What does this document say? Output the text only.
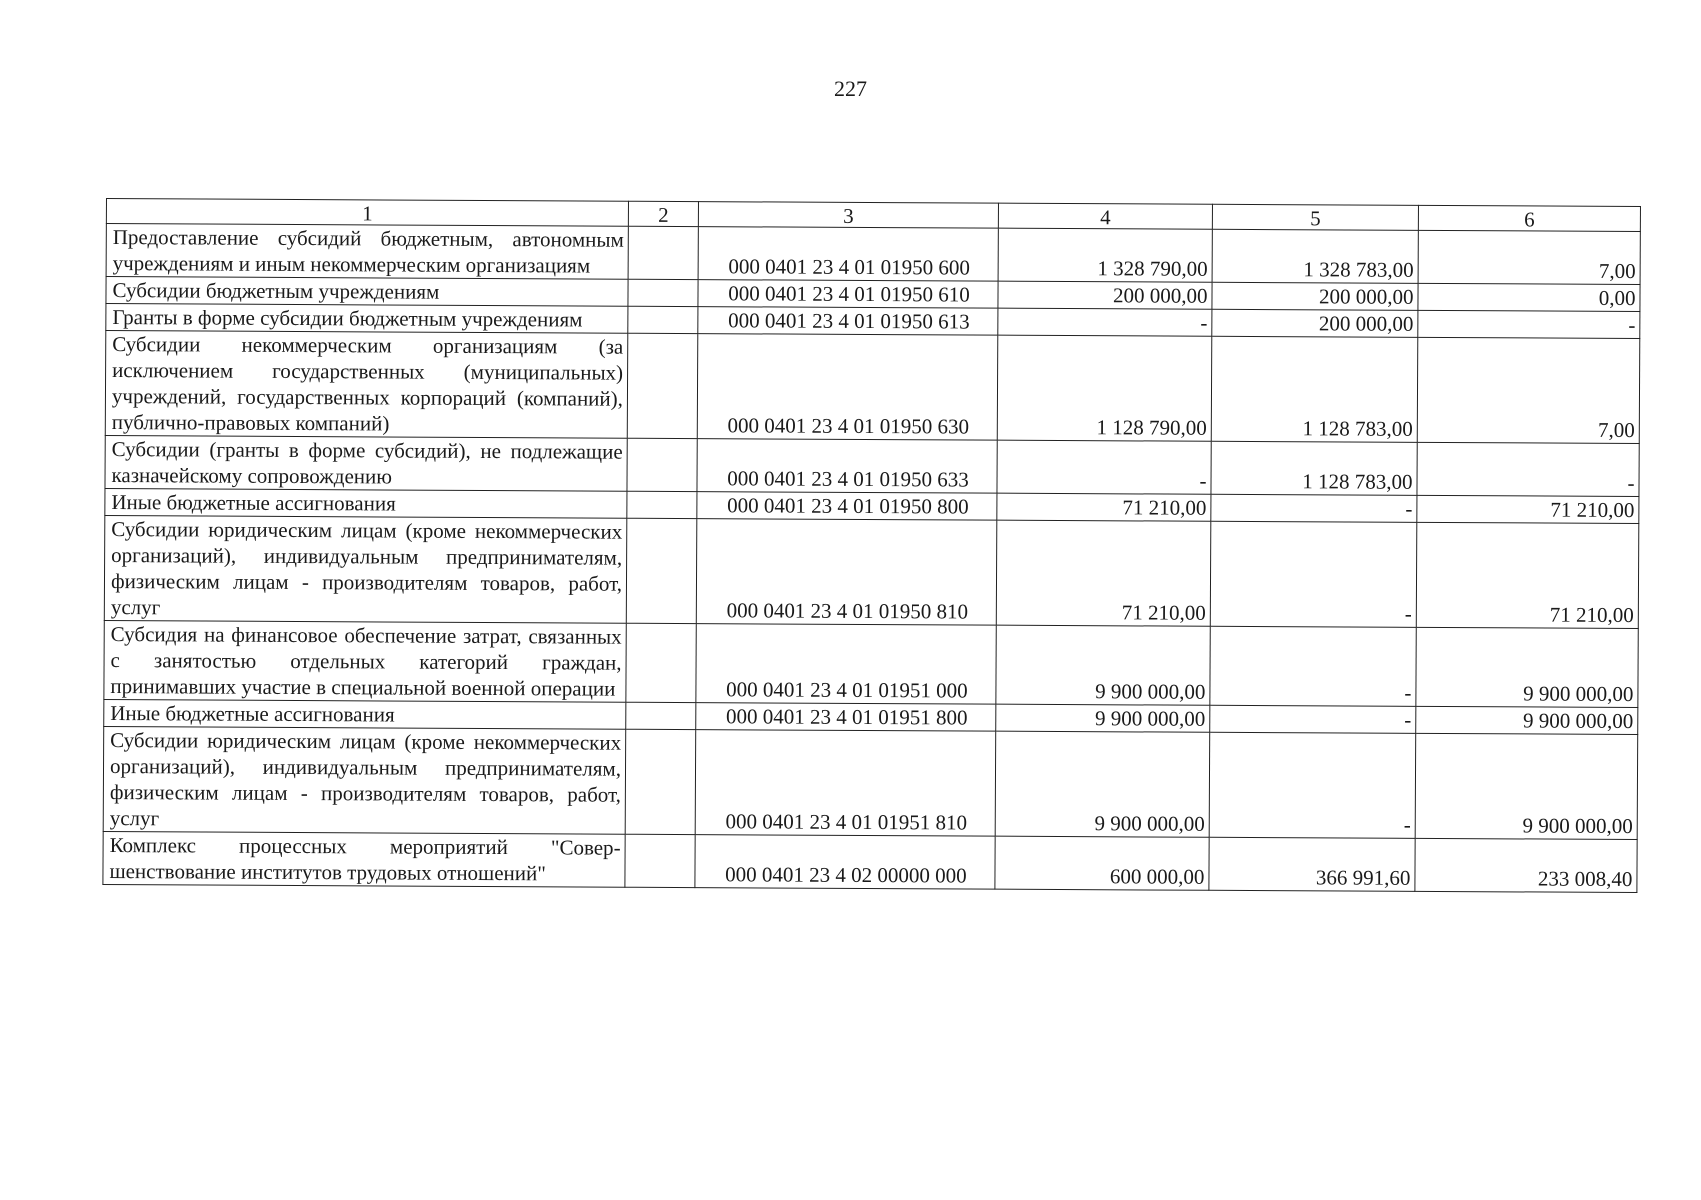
227
1	2	3	4	5	6
Предоставление субсидий бюджетным, автономным учреждениям и иным некоммерческим организациям		000 0401 23 4 01 01950 600	1 328 790,00	1 328 783,00	7,00
Субсидии бюджетным учреждениям		000 0401 23 4 01 01950 610	200 000,00	200 000,00	0,00
Гранты в форме субсидии бюджетным учреждениям		000 0401 23 4 01 01950 613	-	200 000,00	-
Субсидии некоммерческим организациям (за исключением государственных (муниципальных) учреждений, государственных корпораций (компаний), публично-правовых компаний)		000 0401 23 4 01 01950 630	1 128 790,00	1 128 783,00	7,00
Субсидии (гранты в форме субсидий), не подлежащие казначейскому сопровождению		000 0401 23 4 01 01950 633	-	1 128 783,00	-
Иные бюджетные ассигнования		000 0401 23 4 01 01950 800	71 210,00	-	71 210,00
Субсидии юридическим лицам (кроме некоммерческих организаций), индивидуальным предпринимателям, физическим лицам - производителям товаров, работ, услуг		000 0401 23 4 01 01950 810	71 210,00	-	71 210,00
Субсидия на финансовое обеспечение затрат, связанных с занятостью отдельных категорий граждан, принимавших участие в специальной военной операции		000 0401 23 4 01 01951 000	9 900 000,00	-	9 900 000,00
Иные бюджетные ассигнования		000 0401 23 4 01 01951 800	9 900 000,00	-	9 900 000,00
Субсидии юридическим лицам (кроме некоммерческих организаций), индивидуальным предпринимателям, физическим лицам - производителям товаров, работ, услуг		000 0401 23 4 01 01951 810	9 900 000,00	-	9 900 000,00
Комплекс процессных мероприятий "Совершенствование институтов трудовых отношений"		000 0401 23 4 02 00000 000	600 000,00	366 991,60	233 008,40
